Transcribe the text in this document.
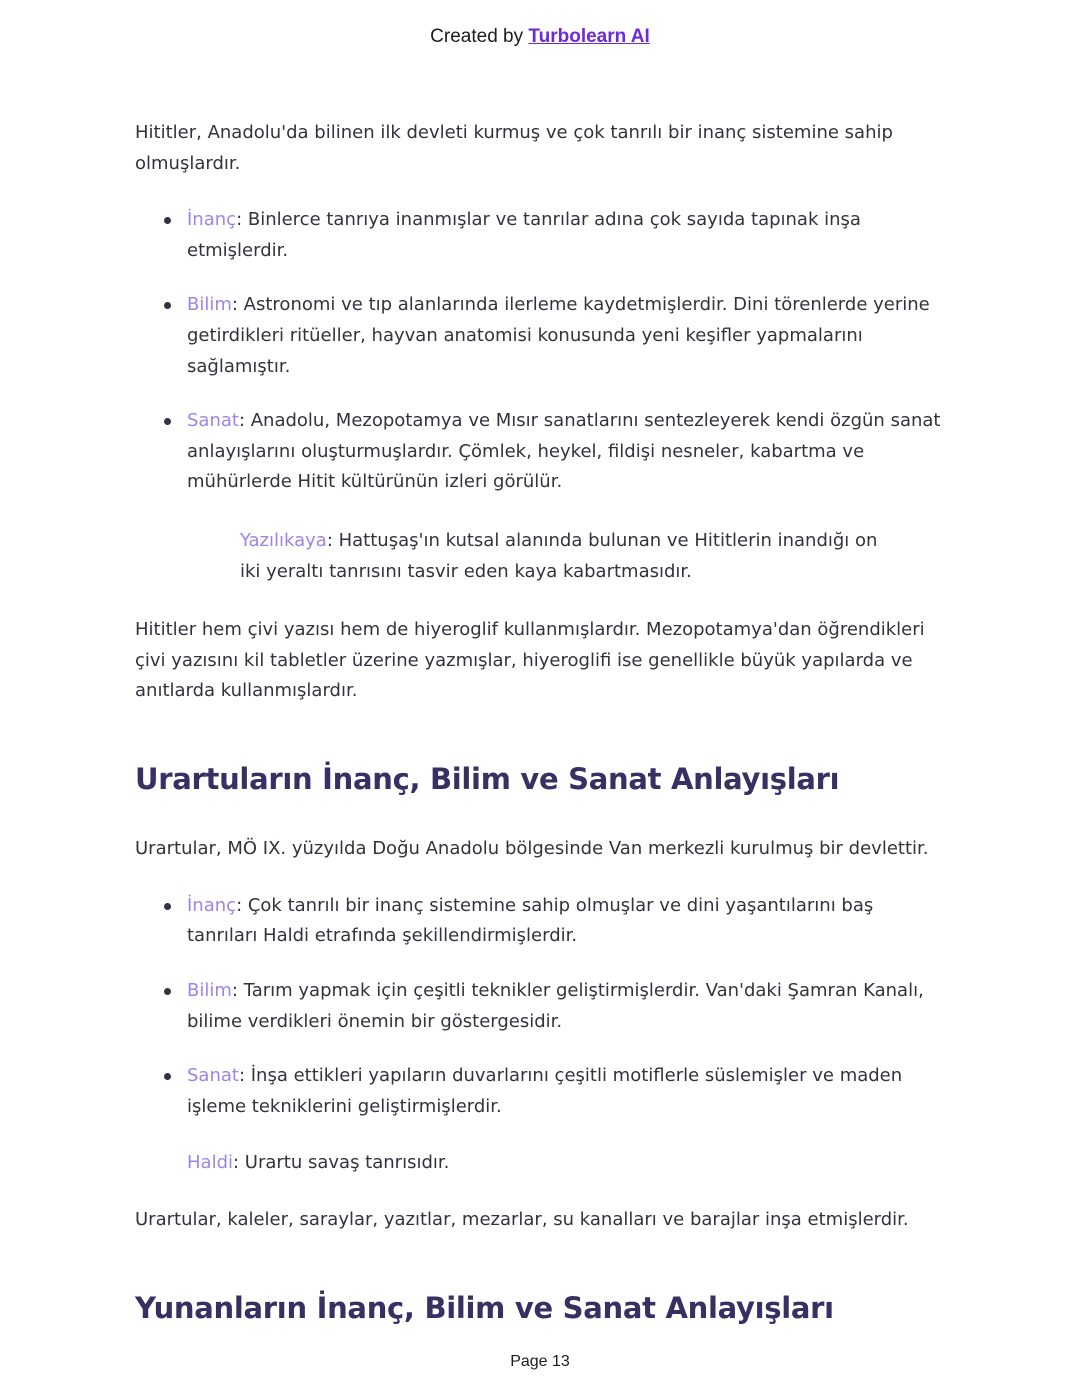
Created by Turbolearn AI

Hititler, Anadolu'da bilinen ilk devleti kurmuş ve çok tanrılı bir inanç sistemine sahip olmuşlardır.

İnanç: Binlerce tanrıya inanmışlar ve tanrılar adına çok sayıda tapınak inşa etmişlerdir.
Bilim: Astronomi ve tıp alanlarında ilerleme kaydetmişlerdir. Dini törenlerde yerine getirdikleri ritüeller, hayvan anatomisi konusunda yeni keşifler yapmalarını sağlamıştır.
Sanat: Anadolu, Mezopotamya ve Mısır sanatlarını sentezleyerek kendi özgün sanat anlayışlarını oluşturmuşlardır. Çömlek, heykel, fildişi nesneler, kabartma ve mühürlerde Hitit kültürünün izleri görülür.
Yazılıkaya: Hattuşaş'ın kutsal alanında bulunan ve Hititlerin inandığı on iki yeraltı tanrısını tasvir eden kaya kabartmasıdır.

Hititler hem çivi yazısı hem de hiyeroglif kullanmışlardır. Mezopotamya'dan öğrendikleri çivi yazısını kil tabletler üzerine yazmışlar, hiyeroglifi ise genellikle büyük yapılarda ve anıtlarda kullanmışlardır.

Urartuların İnanç, Bilim ve Sanat Anlayışları

Urartular, MÖ IX. yüzyılda Doğu Anadolu bölgesinde Van merkezli kurulmuş bir devlettir.

İnanç: Çok tanrılı bir inanç sistemine sahip olmuşlar ve dini yaşantılarını baş tanrıları Haldi etrafında şekillendirmişlerdir.
Bilim: Tarım yapmak için çeşitli teknikler geliştirmişlerdir. Van'daki Şamran Kanalı, bilime verdikleri önemin bir göstergesidir.
Sanat: İnşa ettikleri yapıların duvarlarını çeşitli motiflerle süslemişler ve maden işleme tekniklerini geliştirmişlerdir.
Haldi: Urartu savaş tanrısıdır.

Urartular, kaleler, saraylar, yazıtlar, mezarlar, su kanalları ve barajlar inşa etmişlerdir.

Yunanların İnanç, Bilim ve Sanat Anlayışları
Page 13
